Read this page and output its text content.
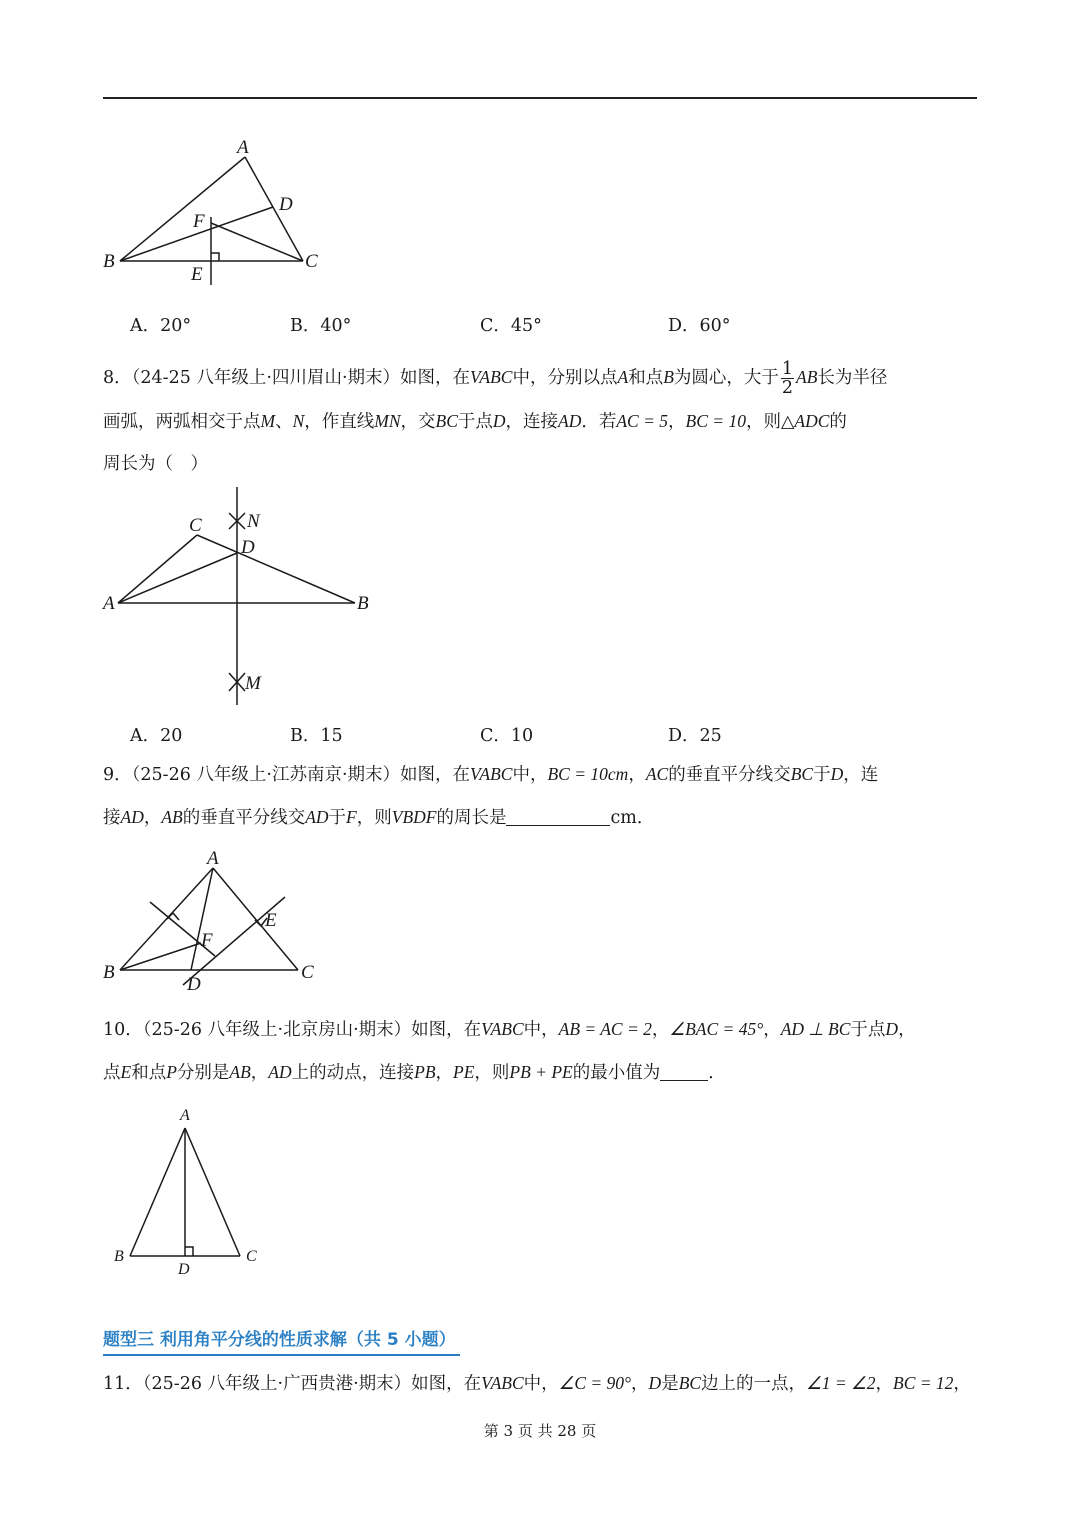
A
B	C
D
E
F
A．20°	B．40°	C．45°	D．60°
8．（24-25 八年级上·四川眉山·期末）如图，在VABC中，分别以点A和点B为圆心，大于 $\frac{1}{2}$ AB长为半径
画弧，两弧相交于点M、N，作直线MN，交BC于点D，连接AD．若AC = 5，BC = 10，则△ADC的
周长为（　）
A	B
C
D
N
M
A．20	B．15	C．10	D．25
9．（25-26 八年级上·江苏南京·期末）如图，在VABC中，BC = 10cm，AC的垂直平分线交BC于D，连
接AD，AB的垂直平分线交AD于F，则VBDF的周长是	cm．
A
B	C
D
E
F
10．（25-26 八年级上·北京房山·期末）如图，在VABC中，AB = AC = 2，∠BAC = 45°，AD ⊥ BC于点D，
点E和点P分别是AB，AD上的动点，连接PB，PE，则PB + PE的最小值为	．
A
B	C
D
题型三 利用角平分线的性质求解（共 5 小题）
11．（25-26 八年级上·广西贵港·期末）如图，在VABC中，∠C = 90°，D是BC边上的一点，∠1 = ∠2，BC = 12，
第 3 页 共 28 页
